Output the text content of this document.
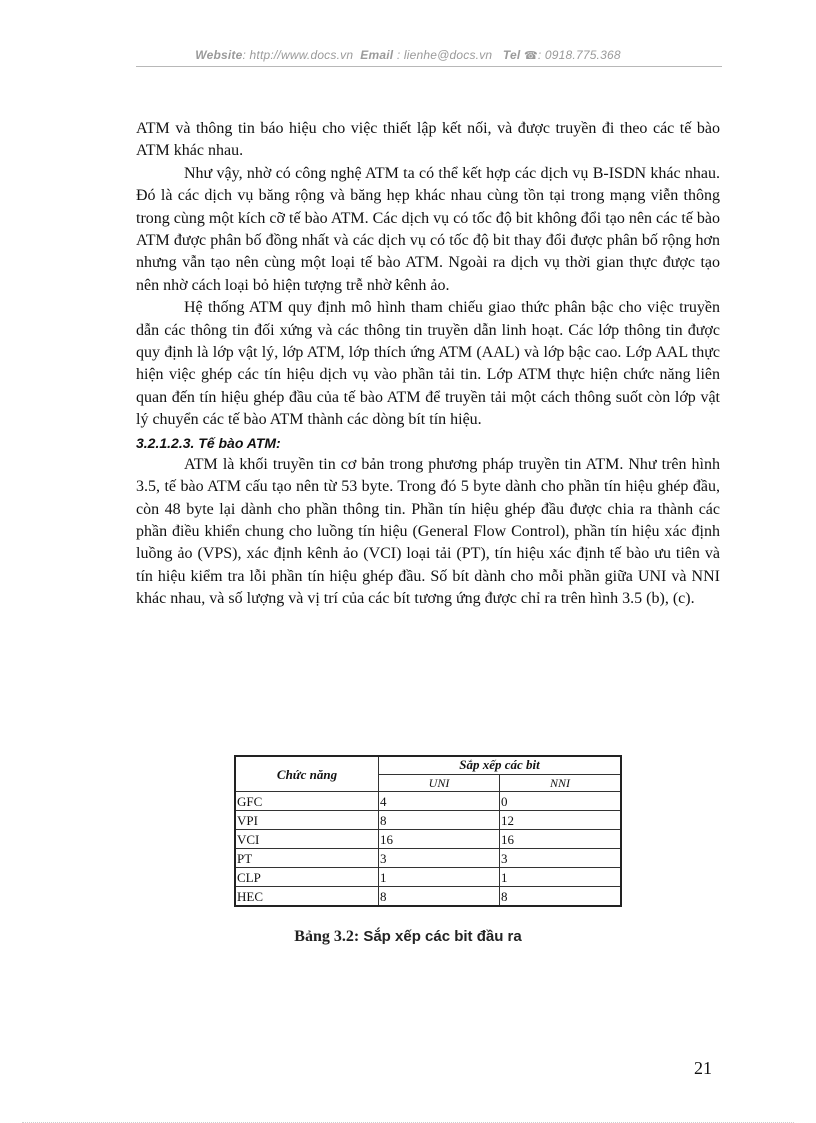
Website: http://www.docs.vn Email : lienhe@docs.vn Tel ☎: 0918.775.368

ATM và thông tin báo hiệu cho việc thiết lập kết nối, và được truyền đi theo các tế bào ATM khác nhau.

Như vậy, nhờ có công nghệ ATM ta có thể kết hợp các dịch vụ B-ISDN khác nhau. Đó là các dịch vụ băng rộng và băng hẹp khác nhau cùng tồn tại trong mạng viễn thông trong cùng một kích cỡ tế bào ATM. Các dịch vụ có tốc độ bit không đổi tạo nên các tế bào ATM được phân bố đồng nhất và các dịch vụ có tốc độ bit thay đổi được phân bố rộng hơn nhưng vẫn tạo nên cùng một loại tế bào ATM. Ngoài ra dịch vụ thời gian thực được tạo nên nhờ cách loại bỏ hiện tượng trễ nhờ kênh ảo.

Hệ thống ATM quy định mô hình tham chiếu giao thức phân bậc cho việc truyền dẫn các thông tin đối xứng và các thông tin truyền dẫn linh hoạt. Các lớp thông tin được quy định là lớp vật lý, lớp ATM, lớp thích ứng ATM (AAL) và lớp bậc cao. Lớp AAL thực hiện việc ghép các tín hiệu dịch vụ vào phần tải tin. Lớp ATM thực hiện chức năng liên quan đến tín hiệu ghép đầu của tế bào ATM để truyền tải một cách thông suốt còn lớp vật lý chuyển các tế bào ATM thành các dòng bít tín hiệu.

3.2.1.2.3. Tế bào ATM:

ATM là khối truyền tin cơ bản trong phương pháp truyền tin ATM. Như trên hình 3.5, tế bào ATM cấu tạo nên từ 53 byte. Trong đó 5 byte dành cho phần tín hiệu ghép đầu, còn 48 byte lại dành cho phần thông tin. Phần tín hiệu ghép đầu được chia ra thành các phần điều khiển chung cho luồng tín hiệu (General Flow Control), phần tín hiệu xác định luồng ảo (VPS), xác định kênh ảo (VCI) loại tải (PT), tín hiệu xác định tế bào ưu tiên và tín hiệu kiểm tra lỗi phần tín hiệu ghép đầu. Số bít dành cho mỗi phần giữa UNI và NNI khác nhau, và số lượng và vị trí của các bít tương ứng được chỉ ra trên hình 3.5 (b), (c).

Chức năng	Sắp xếp các bit	
	UNI	NNI
GFC	4	0
VPI	8	12
VCI	16	16
PT	3	3
CLP	1	1
HEC	8	8
Bảng 3.2: Sắp xếp các bit đầu ra
21
